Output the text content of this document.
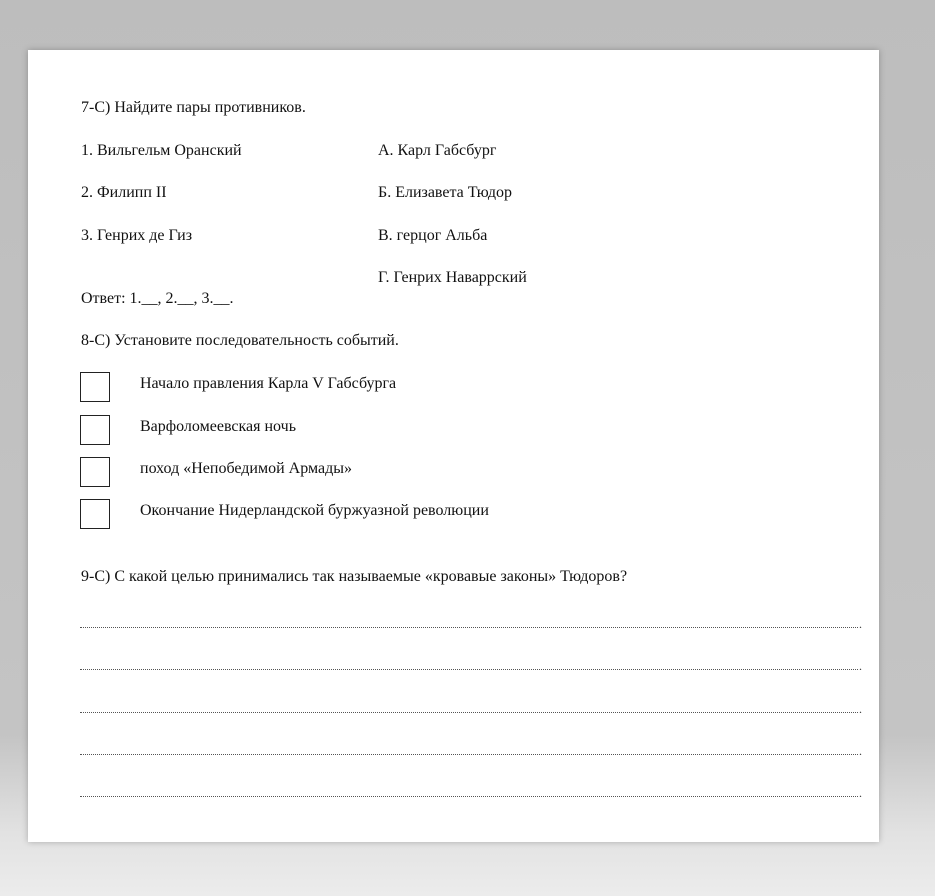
7-С) Найдите пары противников.
1. Вильгельм Оранский
2. Филипп II
3. Генрих де Гиз
А. Карл Габсбург
Б. Елизавета Тюдор
В. герцог Альба
Г. Генрих Наваррский
Ответ: 1.__, 2.__, 3.__.
8-С) Установите последовательность событий.
Начало правления Карла V Габсбурга
Варфоломеевская ночь
поход «Непобедимой Армады»
Окончание Нидерландской буржуазной революции
9-С) С какой целью принимались так называемые «кровавые законы» Тюдоров?
.
.
.
.
.
